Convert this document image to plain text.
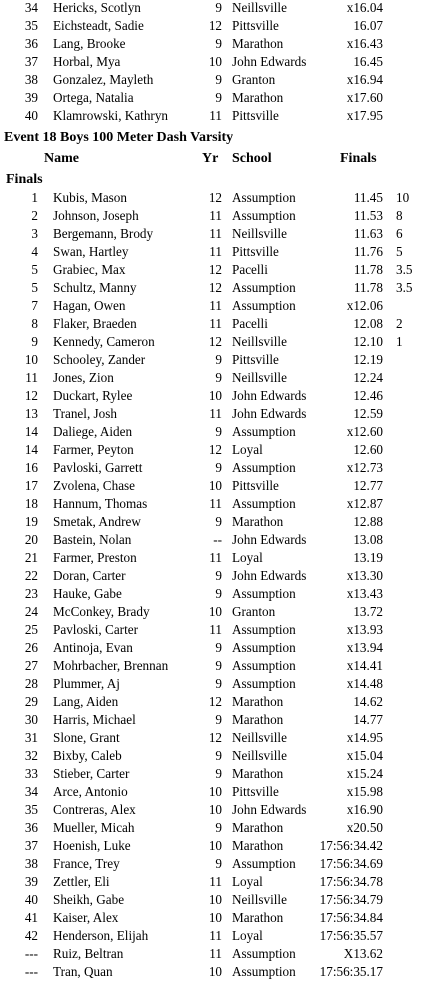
34 Hericks, Scotlyn	9 Neillsville	x16.04
35 Eichsteadt, Sadie	12 Pittsville	16.07
36 Lang, Brooke	9 Marathon	x16.43
37 Horbal, Mya	10 John Edwards	16.45
38 Gonzalez, Mayleth	9 Granton	x16.94
39 Ortega, Natalia	9 Marathon	x17.60
40 Klamrowski, Kathryn	11 Pittsville	x17.95
Event 18 Boys 100 Meter Dash Varsity
Name	Yr School	Finals
Finals
1 Kubis, Mason	12 Assumption	11.45 10
2 Johnson, Joseph	11 Assumption	11.53 8
3 Bergemann, Brody	11 Neillsville	11.63 6
4 Swan, Hartley	11 Pittsville	11.76 5
5 Grabiec, Max	12 Pacelli	11.78 3.5
5 Schultz, Manny	12 Assumption	11.78 3.5
7 Hagan, Owen	11 Assumption	x12.06
8 Flaker, Braeden	11 Pacelli	12.08 2
9 Kennedy, Cameron	12 Neillsville	12.10 1
10 Schooley, Zander	9 Pittsville	12.19
11 Jones, Zion	9 Neillsville	12.24
12 Duckart, Rylee	10 John Edwards	12.46
13 Tranel, Josh	11 John Edwards	12.59
14 Daliege, Aiden	9 Assumption	x12.60
14 Farmer, Peyton	12 Loyal	12.60
16 Pavloski, Garrett	9 Assumption	x12.73
17 Zvolena, Chase	10 Pittsville	12.77
18 Hannum, Thomas	11 Assumption	x12.87
19 Smetak, Andrew	9 Marathon	12.88
20 Bastein, Nolan	-- John Edwards	13.08
21 Farmer, Preston	11 Loyal	13.19
22 Doran, Carter	9 John Edwards	x13.30
23 Hauke, Gabe	9 Assumption	x13.43
24 McConkey, Brady	10 Granton	13.72
25 Pavloski, Carter	11 Assumption	x13.93
26 Antinoja, Evan	9 Assumption	x13.94
27 Mohrbacher, Brennan	9 Assumption	x14.41
28 Plummer, Aj	9 Assumption	x14.48
29 Lang, Aiden	12 Marathon	14.62
30 Harris, Michael	9 Marathon	14.77
31 Slone, Grant	12 Neillsville	x14.95
32 Bixby, Caleb	9 Neillsville	x15.04
33 Stieber, Carter	9 Marathon	x15.24
34 Arce, Antonio	10 Pittsville	x15.98
35 Contreras, Alex	10 John Edwards	x16.90
36 Mueller, Micah	9 Marathon	x20.50
37 Hoenish, Luke	10 Marathon	17:56:34.42
38 France, Trey	9 Assumption	17:56:34.69
39 Zettler, Eli	11 Loyal	17:56:34.78
40 Sheikh, Gabe	10 Neillsville	17:56:34.79
41 Kaiser, Alex	10 Marathon	17:56:34.84
42 Henderson, Elijah	11 Loyal	17:56:35.57
--- Ruiz, Beltran	11 Assumption	X13.62
--- Tran, Quan	10 Assumption	17:56:35.17
